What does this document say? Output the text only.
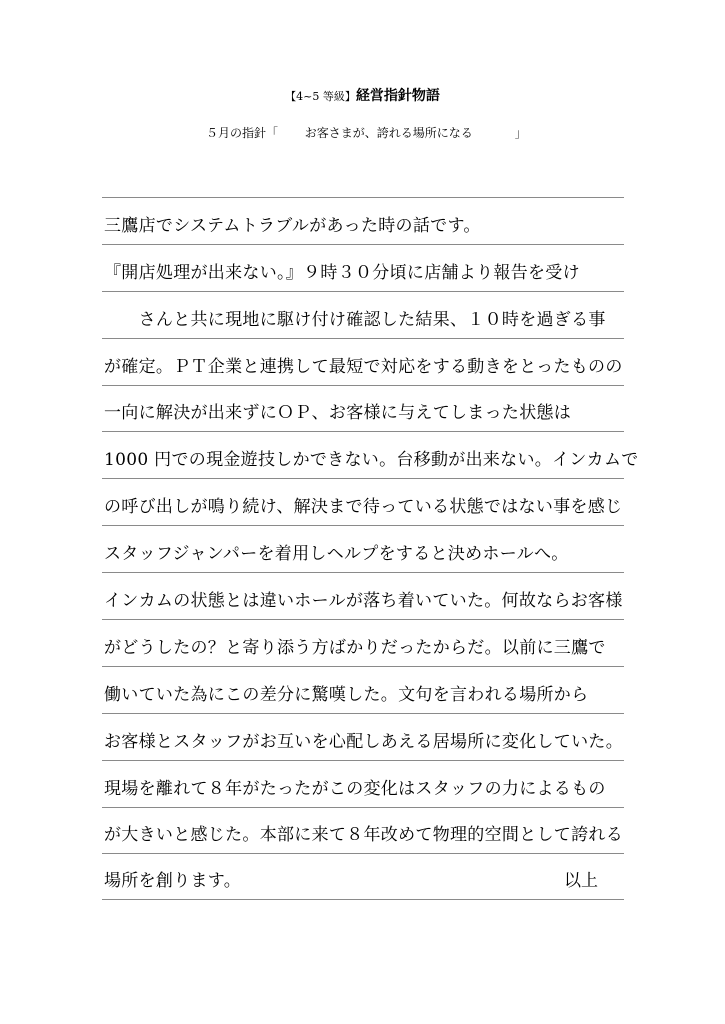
【4~5 等級】経営指針物語
５月の指針「 お客さまが、誇れる場所になる	」
三鷹店でシステムトラブルがあった時の話です。
『開店処理が出来ない。』９時３０分頃に店舗より報告を受け
　　さんと共に現地に駆け付け確認した結果、１０時を過ぎる事
が確定。ＰＴ企業と連携して最短で対応をする動きをとったものの
一向に解決が出来ずにＯＰ、お客様に与えてしまった状態は
1000 円での現金遊技しかできない。台移動が出来ない。インカムで
の呼び出しが鳴り続け、解決まで待っている状態ではない事を感じ
スタッフジャンパーを着用しヘルプをすると決めホールへ。
インカムの状態とは違いホールが落ち着いていた。何故ならお客様
がどうしたの？と寄り添う方ばかりだったからだ。以前に三鷹で
働いていた為にこの差分に驚嘆した。文句を言われる場所から
お客様とスタッフがお互いを心配しあえる居場所に変化していた。
現場を離れて８年がたったがこの変化はスタッフの力によるもの
が大きいと感じた。本部に来て８年改めて物理的空間として誇れる
場所を創ります。	以上
